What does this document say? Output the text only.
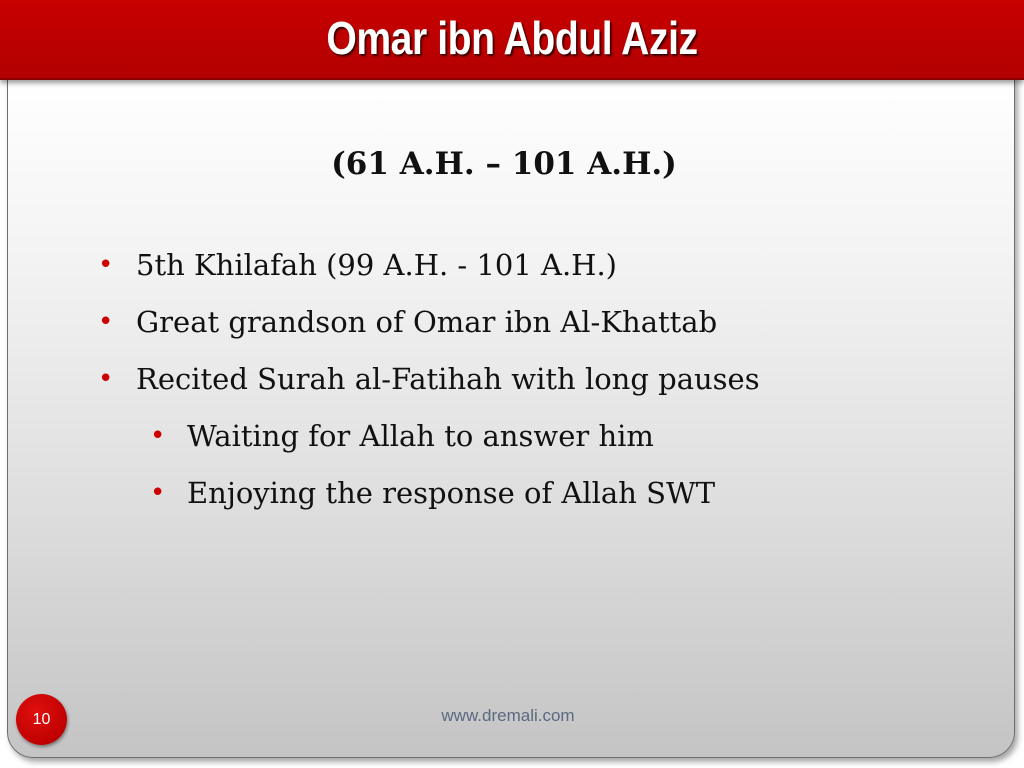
Omar ibn Abdul Aziz
(61 A.H. – 101 A.H.)
• 5th Khilafah (99 A.H. - 101 A.H.)
• Great grandson of Omar ibn Al-Khattab
• Recited Surah al-Fatihah with long pauses
• Waiting for Allah to answer him
• Enjoying the response of Allah SWT
10	www.dremali.com
